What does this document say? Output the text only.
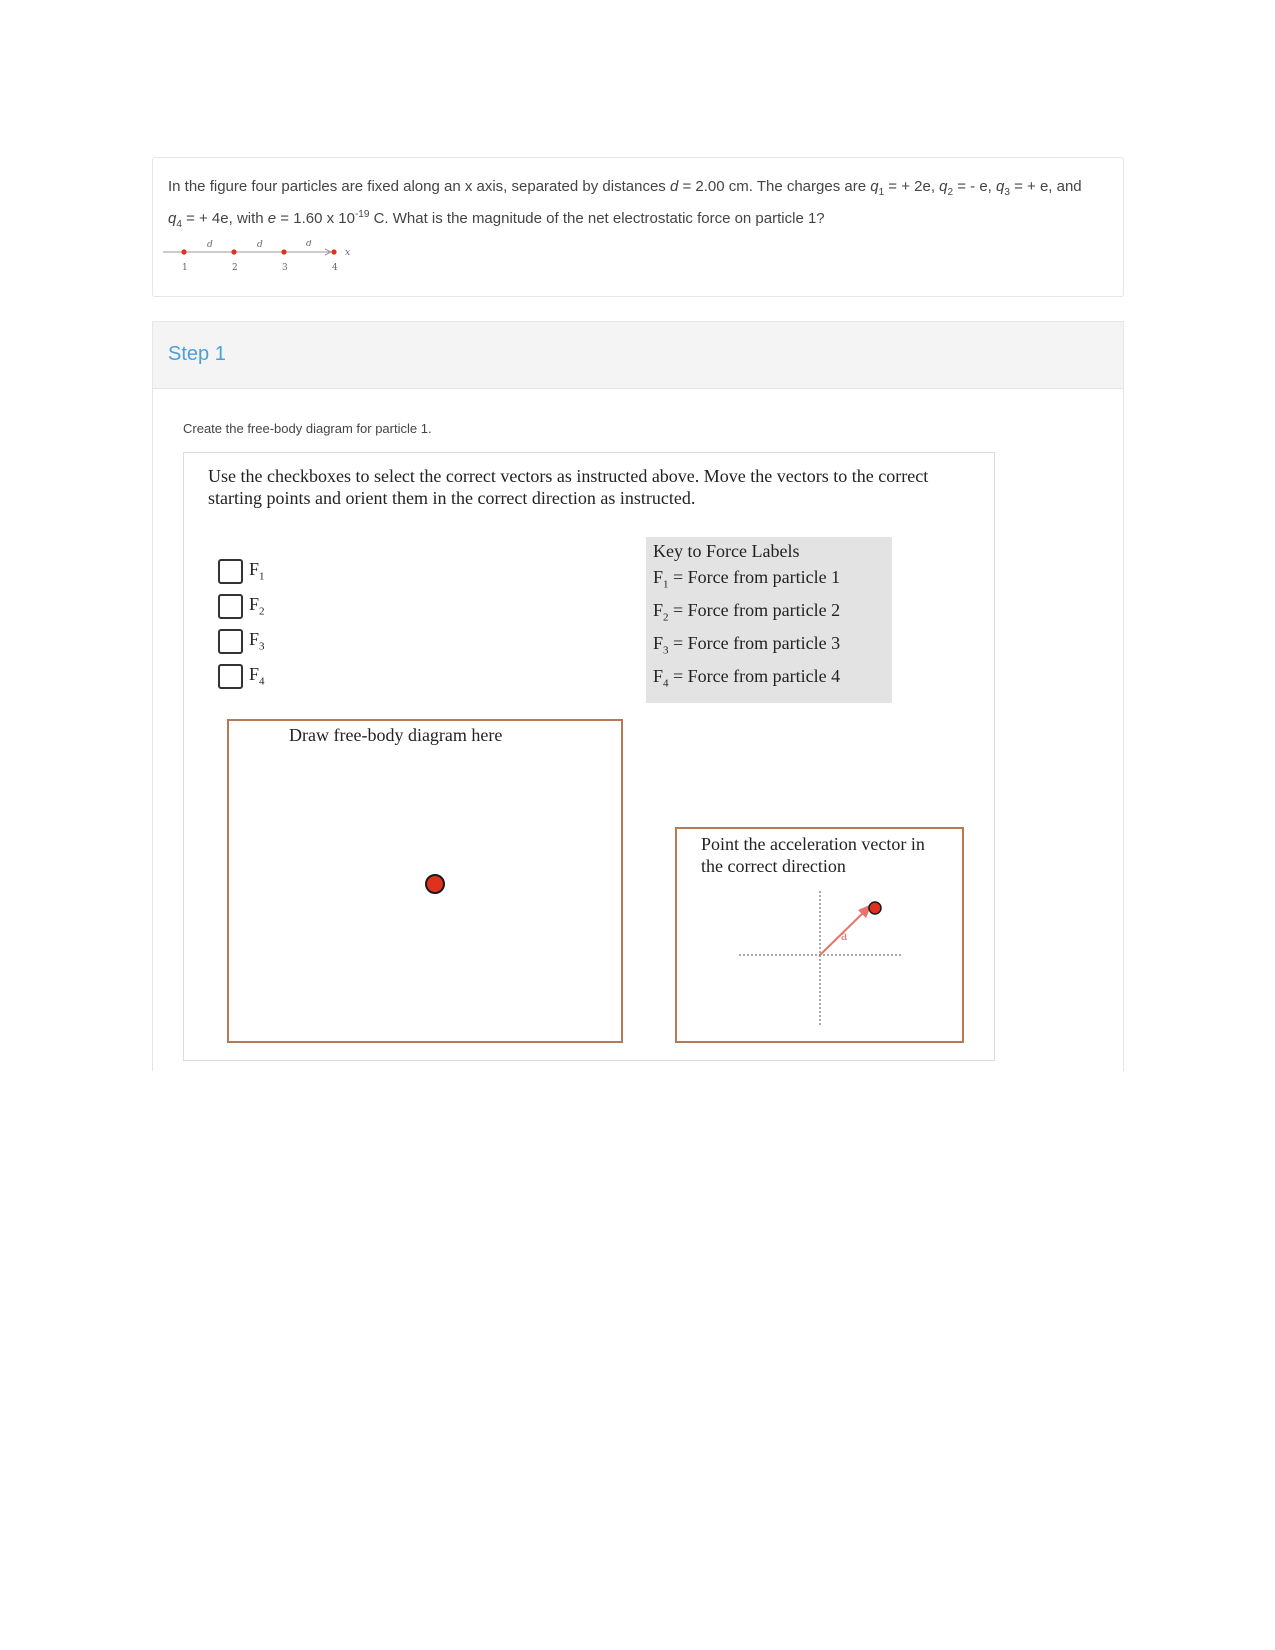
In the figure four particles are fixed along an x axis, separated by distances d = 2.00 cm. The charges are $q_1$ = + 2e, $q_2$ = - e, $q_3$ = + e, and
$q_4$ = + 4e, with e = 1.60 x $10^{-19}$ C. What is the magnitude of the net electrostatic force on particle 1?
d	d	d
1	2	3	4
x
Step 1
Create the free-body diagram for particle 1.
Use the checkboxes to select the correct vectors as instructed above. Move the vectors to the correct starting points and orient them in the correct direction as instructed.
$F_1$
$F_2$
$F_3$
$F_4$
Key to Force Labels
$F_1$ = Force from particle 1
$F_2$ = Force from particle 2
$F_3$ = Force from particle 3
$F_4$ = Force from particle 4
Draw free-body diagram here
a
Point the acceleration vector in the correct direction
